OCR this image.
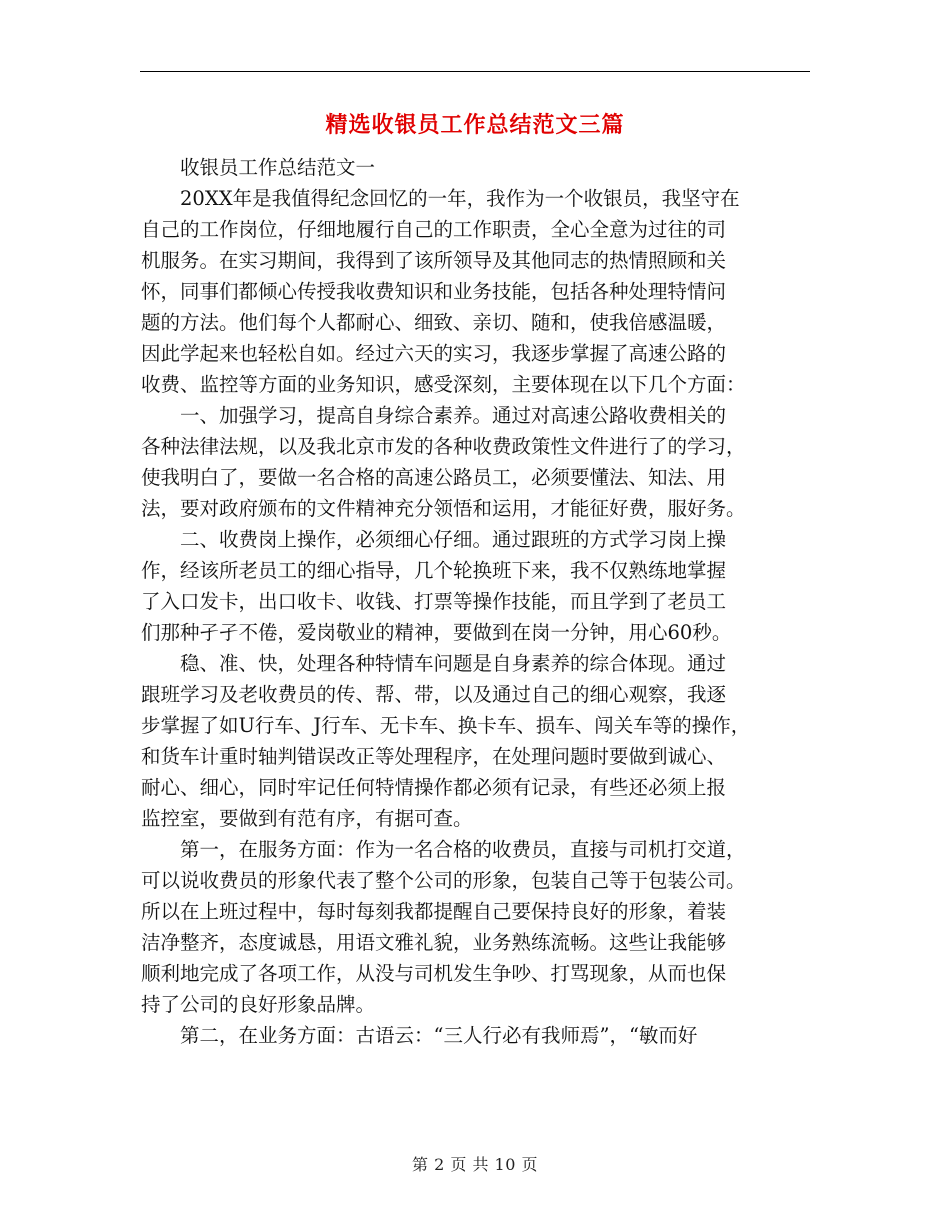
精选收银员工作总结范文三篇
收银员工作总结范文一
20XX年是我值得纪念回忆的一年，我作为一个收银员，我坚守在
自己的工作岗位，仔细地履行自己的工作职责，全心全意为过往的司
机服务。在实习期间，我得到了该所领导及其他同志的热情照顾和关
怀，同事们都倾心传授我收费知识和业务技能，包括各种处理特情问
题的方法。他们每个人都耐心、细致、亲切、随和，使我倍感温暖，
因此学起来也轻松自如。经过六天的实习，我逐步掌握了高速公路的
收费、监控等方面的业务知识，感受深刻，主要体现在以下几个方面：
一、加强学习，提高自身综合素养。通过对高速公路收费相关的
各种法律法规，以及我北京市发的各种收费政策性文件进行了的学习，
使我明白了，要做一名合格的高速公路员工，必须要懂法、知法、用
法，要对政府颁布的文件精神充分领悟和运用，才能征好费，服好务。
二、收费岗上操作，必须细心仔细。通过跟班的方式学习岗上操
作，经该所老员工的细心指导，几个轮换班下来，我不仅熟练地掌握
了入口发卡，出口收卡、收钱、打票等操作技能，而且学到了老员工
们那种孑孑不倦，爱岗敬业的精神，要做到在岗一分钟，用心60秒。
稳、准、快，处理各种特情车问题是自身素养的综合体现。通过
跟班学习及老收费员的传、帮、带，以及通过自己的细心观察，我逐
步掌握了如U行车、J行车、无卡车、换卡车、损车、闯关车等的操作，
和货车计重时轴判错误改正等处理程序，在处理问题时要做到诚心、
耐心、细心，同时牢记任何特情操作都必须有记录，有些还必须上报
监控室，要做到有范有序，有据可查。
第一，在服务方面：作为一名合格的收费员，直接与司机打交道，
可以说收费员的形象代表了整个公司的形象，包装自己等于包装公司。
所以在上班过程中，每时每刻我都提醒自己要保持良好的形象，着装
洁净整齐，态度诚恳，用语文雅礼貌，业务熟练流畅。这些让我能够
顺利地完成了各项工作，从没与司机发生争吵、打骂现象，从而也保
持了公司的良好形象品牌。
第二，在业务方面：古语云：“三人行必有我师焉”，“敏而好
第 2 页 共 10 页
